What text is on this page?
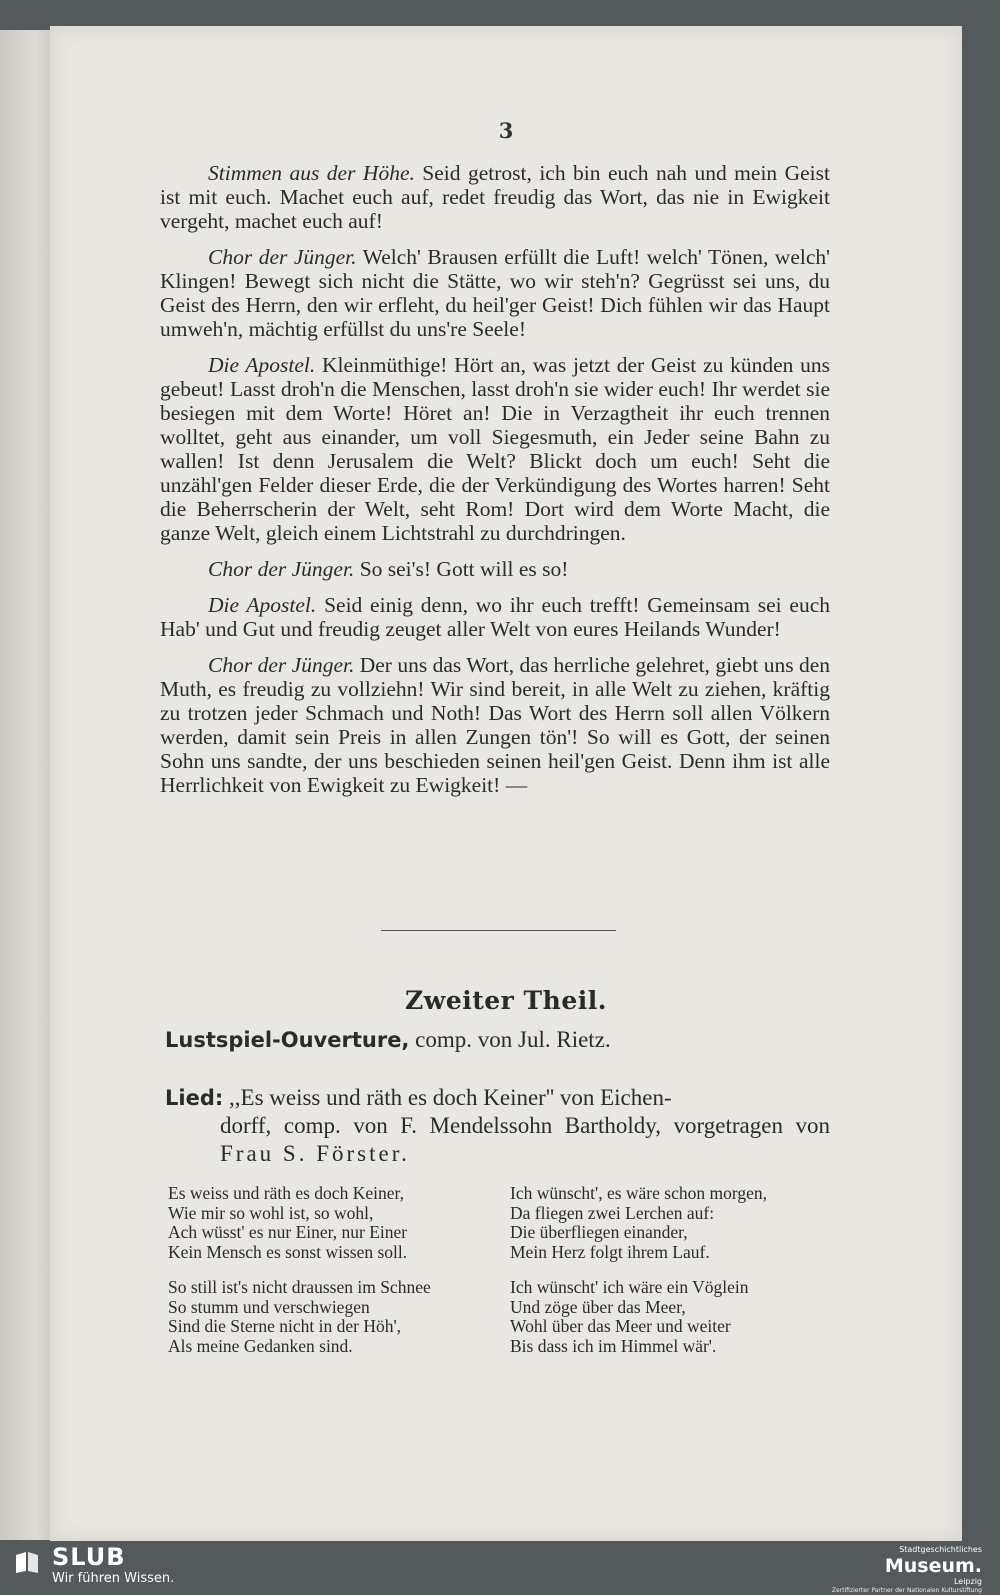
3

Stimmen aus der Höhe. Seid getrost, ich bin euch nah und mein Geist ist mit euch. Machet euch auf, redet freudig das Wort, das nie in Ewigkeit vergeht, machet euch auf!

Chor der Jünger. Welch' Brausen erfüllt die Luft! welch' Tönen, welch' Klingen! Bewegt sich nicht die Stätte, wo wir steh'n? Gegrüsst sei uns, du Geist des Herrn, den wir erfleht, du heil'ger Geist! Dich fühlen wir das Haupt umweh'n, mächtig erfüllst du uns're Seele!

Die Apostel. Kleinmüthige! Hört an, was jetzt der Geist zu künden uns gebeut! Lasst droh'n die Menschen, lasst droh'n sie wider euch! Ihr werdet sie besiegen mit dem Worte! Höret an! Die in Verzagtheit ihr euch trennen wolltet, geht aus einander, um voll Siegesmuth, ein Jeder seine Bahn zu wallen! Ist denn Jerusalem die Welt? Blickt doch um euch! Seht die unzähl'gen Felder dieser Erde, die der Verkündigung des Wortes harren! Seht die Beherrscherin der Welt, seht Rom! Dort wird dem Worte Macht, die ganze Welt, gleich einem Lichtstrahl zu durchdringen.

Chor der Jünger. So sei's! Gott will es so!

Die Apostel. Seid einig denn, wo ihr euch trefft! Gemeinsam sei euch Hab' und Gut und freudig zeuget aller Welt von eures Heilands Wunder!

Chor der Jünger. Der uns das Wort, das herrliche gelehret, giebt uns den Muth, es freudig zu vollziehn! Wir sind bereit, in alle Welt zu ziehen, kräftig zu trotzen jeder Schmach und Noth! Das Wort des Herrn soll allen Völkern werden, damit sein Preis in allen Zungen tön'! So will es Gott, der seinen Sohn uns sandte, der uns beschieden seinen heil'gen Geist. Denn ihm ist alle Herrlichkeit von Ewigkeit zu Ewigkeit! —

Zweiter Theil.
Lustspiel-Ouverture, comp. von Jul. Rietz.
Lied: ,,Es weiss und räth es doch Keiner'' von Eichen-
dorff, comp. von F. Mendelssohn Bartholdy, vorgetragen von Frau S. Förster.
Es weiss und räth es doch Keiner,
Wie mir so wohl ist, so wohl,
Ach wüsst' es nur Einer, nur Einer
Kein Mensch es sonst wissen soll.
So still ist's nicht draussen im Schnee
So stumm und verschwiegen
Sind die Sterne nicht in der Höh',
Als meine Gedanken sind.
Ich wünscht', es wäre schon morgen,
Da fliegen zwei Lerchen auf:
Die überfliegen einander,
Mein Herz folgt ihrem Lauf.
Ich wünscht' ich wäre ein Vöglein
Und zöge über das Meer,
Wohl über das Meer und weiter
Bis dass ich im Himmel wär'.
SLUB
Wir führen Wissen.
Stadtgeschichtliches
Museum.
Leipzig
Zertifizierter Partner der Nationalen Kulturstiftung
